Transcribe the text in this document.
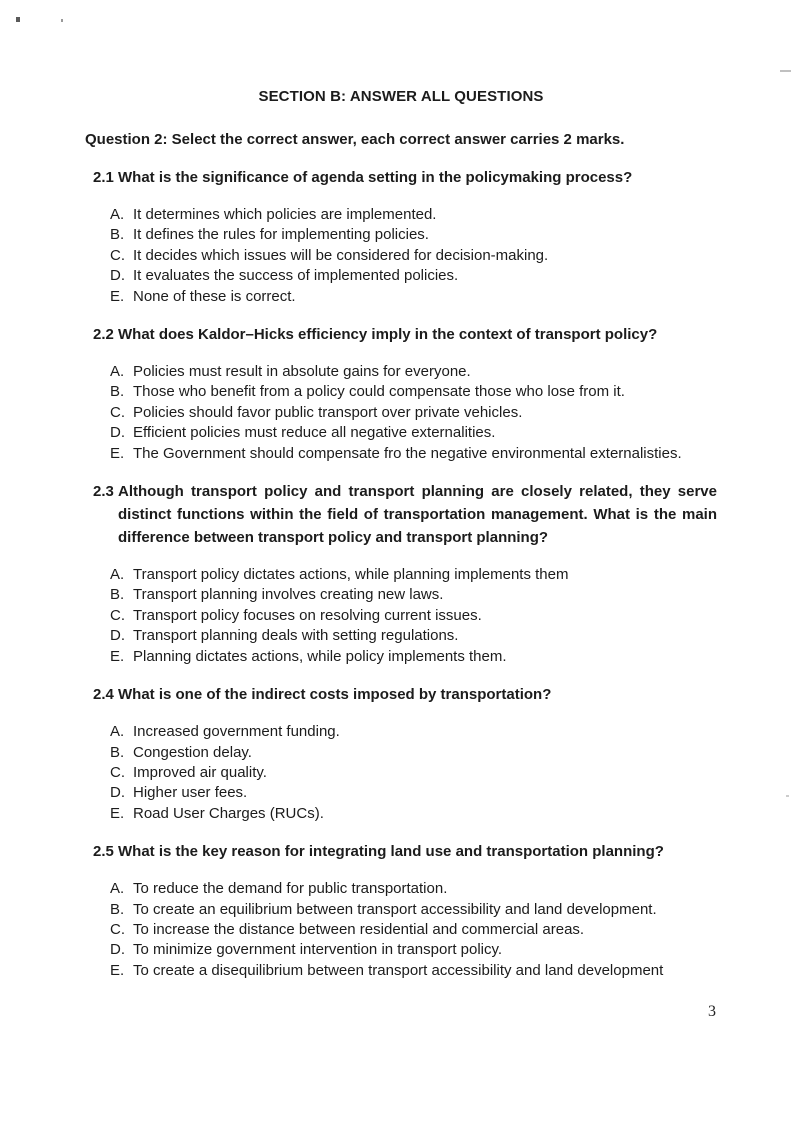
SECTION B: ANSWER ALL QUESTIONS

Question 2: Select the correct answer, each correct answer carries 2 marks.

2.1 What is the significance of agenda setting in the policymaking process?
A. It determines which policies are implemented.
B. It defines the rules for implementing policies.
C. It decides which issues will be considered for decision-making.
D. It evaluates the success of implemented policies.
E. None of these is correct.
2.2 What does Kaldor–Hicks efficiency imply in the context of transport policy?
A. Policies must result in absolute gains for everyone.
B. Those who benefit from a policy could compensate those who lose from it.
C. Policies should favor public transport over private vehicles.
D. Efficient policies must reduce all negative externalities.
E. The Government should compensate fro the negative environmental externalisties.
2.3 Although transport policy and transport planning are closely related, they serve distinct functions within the field of transportation management. What is the main difference between transport policy and transport planning?
A. Transport policy dictates actions, while planning implements them
B. Transport planning involves creating new laws.
C. Transport policy focuses on resolving current issues.
D. Transport planning deals with setting regulations.
E. Planning dictates actions, while policy implements them.
2.4 What is one of the indirect costs imposed by transportation?
A. Increased government funding.
B. Congestion delay.
C. Improved air quality.
D. Higher user fees.
E. Road User Charges (RUCs).
2.5 What is the key reason for integrating land use and transportation planning?
A. To reduce the demand for public transportation.
B. To create an equilibrium between transport accessibility and land development.
C. To increase the distance between residential and commercial areas.
D. To minimize government intervention in transport policy.
E. To create a disequilibrium between transport accessibility and land development
3
